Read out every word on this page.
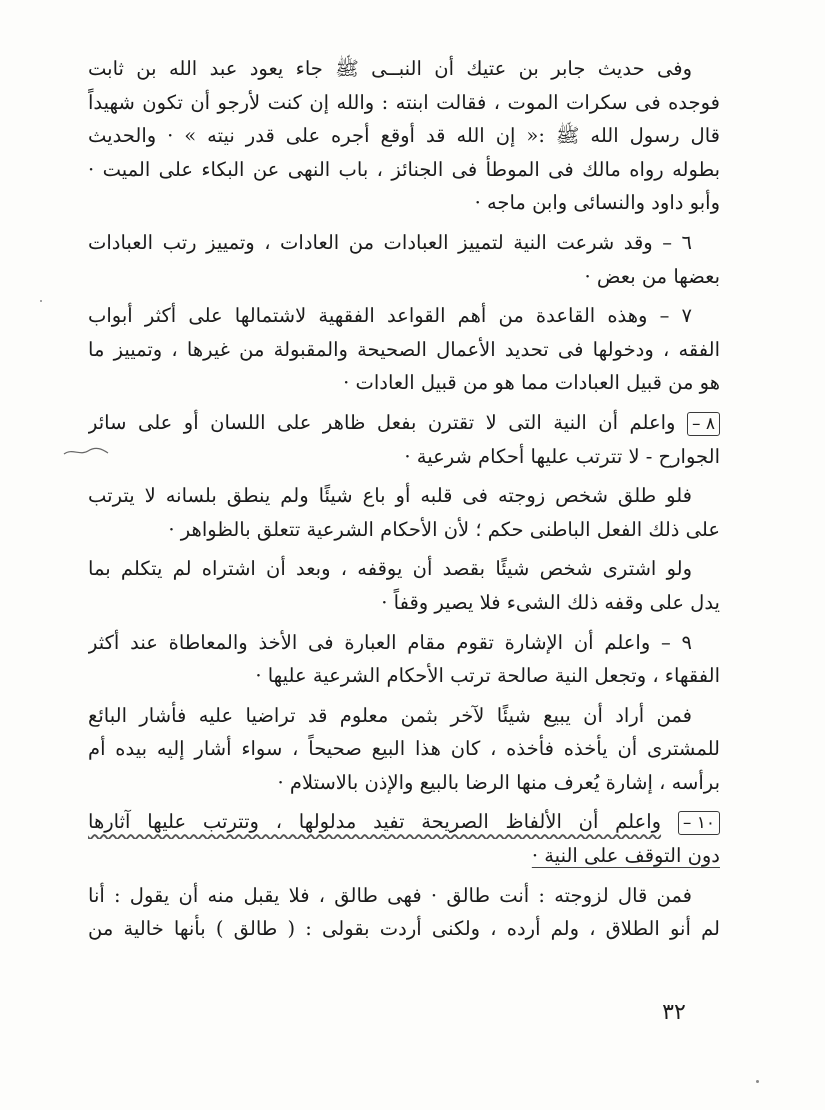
وفى حديث جابر بن عتيك أن النبــى ﷺ جاء يعود عبد الله بن ثابت
فوجده فى سكرات الموت ، فقالت ابنته : والله إن كنت لأرجو أن تكون شهيداً
قال رسول الله ﷺ :« إن الله قد أوقع أجره على قدر نيته » · والحديث
بطوله رواه مالك فى الموطأ فى الجنائز ، باب النهى عن البكاء على الميت ·
وأبو داود والنسائى وابن ماجه ·
٦ – وقد شرعت النية لتمييز العبادات من العادات ، وتمييز رتب العبادات
بعضها من بعض ·
٧ – وهذه القاعدة من أهم القواعد الفقهية لاشتمالها على أكثر أبواب
الفقه ، ودخولها فى تحديد الأعمال الصحيحة والمقبولة من غيرها ، وتمييز ما
هو من قبيل العبادات مما هو من قبيل العادات ·
٨ – واعلم أن النية التى لا تقترن بفعل ظاهر على اللسان أو على سائر
الجوارح - لا تترتب عليها أحكام شرعية ·
فلو طلق شخص زوجته فى قلبه أو باع شيئًا ولم ينطق بلسانه لا يترتب
على ذلك الفعل الباطنى حكم ؛ لأن الأحكام الشرعية تتعلق بالظواهر ·
ولو اشترى شخص شيئًا بقصد أن يوقفه ، وبعد أن اشتراه لم يتكلم بما
يدل على وقفه ذلك الشىء فلا يصير وقفاً ·
٩ – واعلم أن الإشارة تقوم مقام العبارة فى الأخذ والمعاطاة عند أكثر
الفقهاء ، وتجعل النية صالحة ترتب الأحكام الشرعية عليها ·
فمن أراد أن يبيع شيئًا لآخر بثمن معلوم قد تراضيا عليه فأشار البائع
للمشترى أن يأخذه فأخذه ، كان هذا البيع صحيحاً ، سواء أشار إليه بيده أم
برأسه ، إشارة يُعرف منها الرضا بالبيع والإذن بالاستلام ·
١٠ – واعلم أن الألفاظ الصريحة تفيد مدلولها ، وتترتب عليها آثارها
دون التوقف على النية ·
فمن قال لزوجته : أنت طالق · فهى طالق ، فلا يقبل منه أن يقول : أنا
لم أنو الطلاق ، ولم أرده ، ولكنى أردت بقولى : ( طالق ) بأنها خالية من
٣٢
